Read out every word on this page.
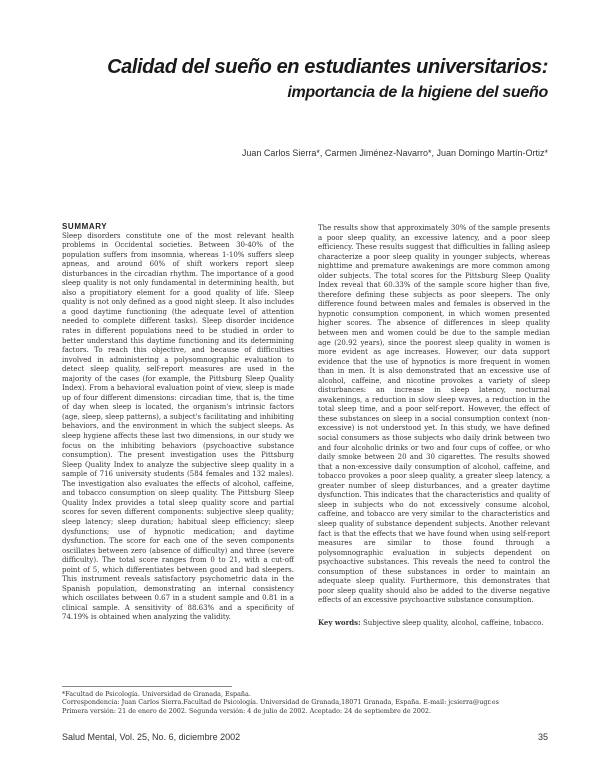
Calidad del sueño en estudiantes universitarios:
importancia de la higiene del sueño

Juan Carlos Sierra*, Carmen Jiménez-Navarro*, Juan Domingo Martín-Ortiz*

SUMMARY

Sleep disorders constitute one of the most relevant health problems in Occidental societies. Between 30-40% of the population suffers from insomnia, whereas 1-10% suffers sleep apneas, and around 60% of shift workers report sleep disturbances in the circadian rhythm. The importance of a good sleep quality is not only fundamental in determining health, but also a propitiatory element for a good quality of life. Sleep quality is not only defined as a good night sleep. It also includes a good daytime functioning (the adequate level of attention needed to complete different tasks). Sleep disorder incidence rates in different populations need to be studied in order to better understand this daytime functioning and its determining factors. To reach this objective, and because of difficulties involved in administering a polysomnographic evaluation to detect sleep quality, self-report measures are used in the majority of the cases (for example, the Pittsburg Sleep Quality Index). From a behavioral evaluation point of view, sleep is made up of four different dimensions: circadian time, that is, the time of day when sleep is located, the organism's intrinsic factors (age, sleep, sleep patterns), a subject's facilitating and inhibiting behaviors, and the environment in which the subject sleeps. As sleep hygiene affects these last two dimensions, in our study we focus on the inhibiting behaviors (psychoactive substance consumption). The present investigation uses the Pittsburg Sleep Quality Index to analyze the subjective sleep quality in a sample of 716 university students (584 females and 132 males). The investigation also evaluates the effects of alcohol, caffeine, and tobacco consumption on sleep quality. The Pittsburg Sleep Quality Index provides a total sleep quality score and partial scores for seven different components: subjective sleep quality; sleep latency; sleep duration; habitual sleep efficiency; sleep dysfunctions; use of hypnotic medication; and daytime dysfunction. The score for each one of the seven components oscillates between zero (absence of difficulty) and three (severe difficulty). The total score ranges from 0 to 21, with a cut-off point of 5, which differentiates between good and bad sleepers. This instrument reveals satisfactory psychometric data in the Spanish population, demonstrating an internal consistency which oscillates between 0.67 in a student sample and 0.81 in a clinical sample. A sensitivity of 88.63% and a specificity of 74.19% is obtained when analyzing the validity.

The results show that approximately 30% of the sample presents a poor sleep quality, an excessive latency, and a poor sleep efficiency. These results suggest that difficulties in falling asleep characterize a poor sleep quality in younger subjects, whereas nighttime and premature awakenings are more common among older subjects. The total scores for the Pittsburg Sleep Quality Index reveal that 60.33% of the sample score higher than five, therefore defining these subjects as poor sleepers. The only difference found between males and females is observed in the hypnotic consumption component, in which women presented higher scores. The absence of differences in sleep quality between men and women could be due to the sample median age (20.92 years), since the poorest sleep quality in women is more evident as age increases. However, our data support evidence that the use of hypnotics is more frequent in women than in men. It is also demonstrated that an excessive use of alcohol, caffeine, and nicotine provokes a variety of sleep disturbances: an increase in sleep latency, nocturnal awakenings, a reduction in slow sleep waves, a reduction in the total sleep time, and a poor self-report. However, the effect of these substances on sleep in a social consumption context (non-excessive) is not understood yet. In this study, we have defined social consumers as those subjects who daily drink between two and four alcoholic drinks or two and four cups of coffee, or who daily smoke between 20 and 30 cigarettes. The results showed that a non-excessive daily consumption of alcohol, caffeine, and tobacco provokes a poor sleep quality, a greater sleep latency, a greater number of sleep disturbances, and a greater daytime dysfunction. This indicates that the characteristics and quality of sleep in subjects who do not excessively consume alcohol, caffeine, and tobacco are very similar to the characteristics and sleep quality of substance dependent subjects. Another relevant fact is that the effects that we have found when using self-report measures are similar to those found through a polysomnographic evaluation in subjects dependent on psychoactive substances. This reveals the need to control the consumption of these substances in order to maintain an adequate sleep quality. Furthermore, this demonstrates that poor sleep quality should also be added to the diverse negative effects of an excessive psychoactive substance consumption.

Key words: Subjective sleep quality, alcohol, caffeine, tobacco.

*Facultad de Psicología. Universidad de Granada, España.

Correspondencia: Juan Carlos Sierra.Facultad de Psicología. Universidad de Granada,18071 Granada, España. E-mail: jcsierra@ugr.es

Primera versión: 21 de enero de 2002. Segunda versión: 4 de julio de 2002. Aceptado: 24 de septiembre de 2002.

Salud Mental, Vol. 25, No. 6, diciembre 2002	35
